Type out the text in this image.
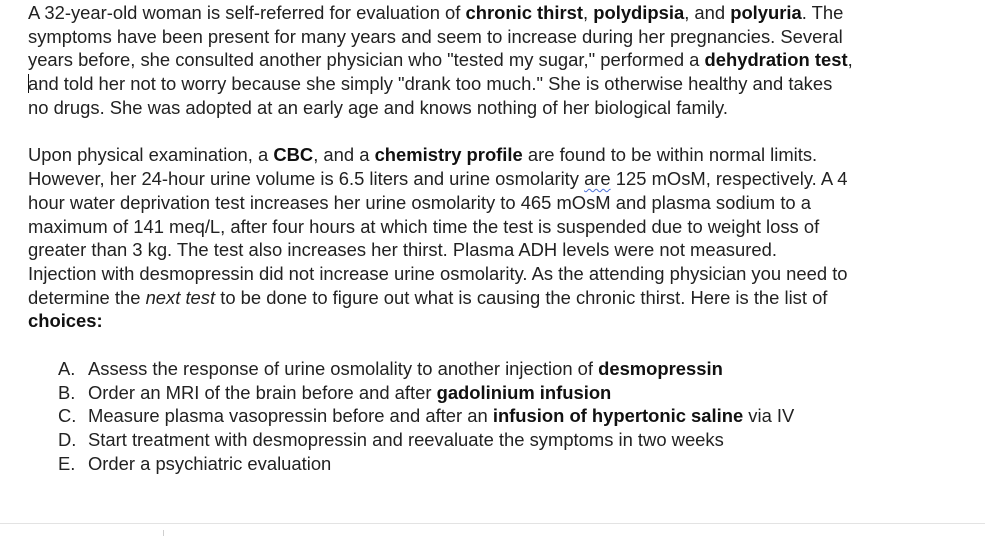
A 32-year-old woman is self-referred for evaluation of chronic thirst, polydipsia, and polyuria. The
symptoms have been present for many years and seem to increase during her pregnancies. Several
years before, she consulted another physician who "tested my sugar," performed a dehydration test,
and told her not to worry because she simply "drank too much." She is otherwise healthy and takes
no drugs. She was adopted at an early age and knows nothing of her biological family.
Upon physical examination, a CBC, and a chemistry profile are found to be within normal limits.
However, her 24-hour urine volume is 6.5 liters and urine osmolarity are 125 mOsM, respectively. A 4
hour water deprivation test increases her urine osmolarity to 465 mOsM and plasma sodium to a
maximum of 141 meq/L, after four hours at which time the test is suspended due to weight loss of
greater than 3 kg. The test also increases her thirst. Plasma ADH levels were not measured.
Injection with desmopressin did not increase urine osmolarity. As the attending physician you need to
determine the next test to be done to figure out what is causing the chronic thirst. Here is the list of
choices:
A. Assess the response of urine osmolality to another injection of desmopressin
B. Order an MRI of the brain before and after gadolinium infusion
C. Measure plasma vasopressin before and after an infusion of hypertonic saline via IV
D. Start treatment with desmopressin and reevaluate the symptoms in two weeks
E. Order a psychiatric evaluation
